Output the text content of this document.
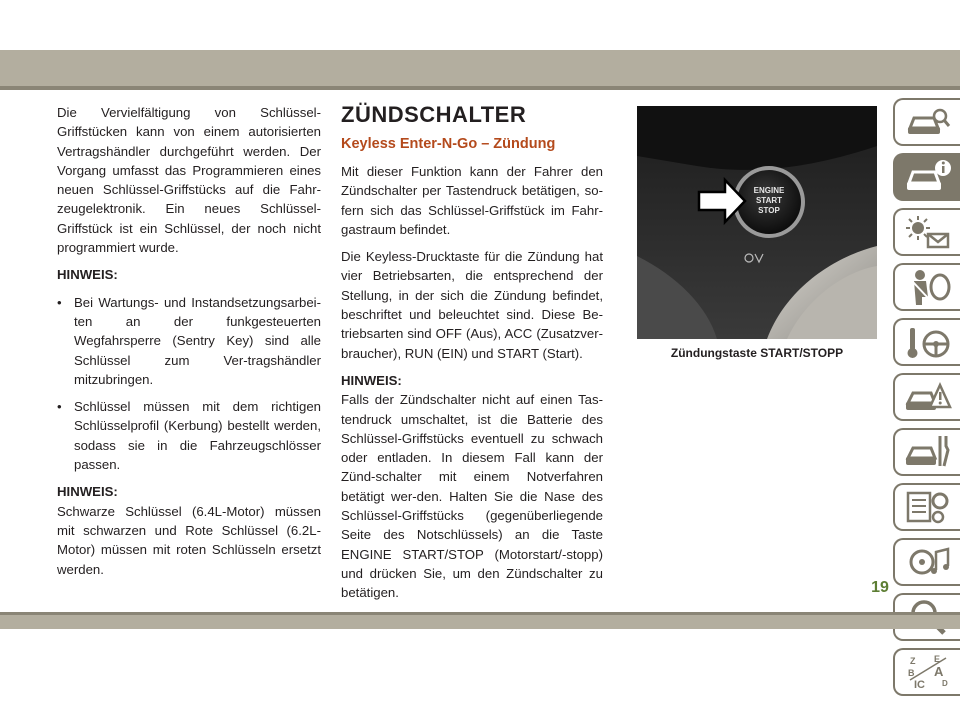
Die Vervielfältigung von Schlüssel-Griffstücken kann von einem autorisierten Vertragshändler durchgeführt werden. Der Vorgang umfasst das Programmieren eines neuen Schlüssel-Griffstücks auf die Fahr-zeugelektronik. Ein neues Schlüssel-Griffstück ist ein Schlüssel, der noch nicht programmiert wurde.

HINWEIS:

• Bei Wartungs- und Instandsetzungsarbei-ten an der funkgesteuerten Wegfahrsperre (Sentry Key) sind alle Schlüssel zum Ver-tragshändler mitzubringen.
• Schlüssel müssen mit dem richtigen Schlüsselprofil (Kerbung) bestellt werden, sodass sie in die Fahrzeugschlösser passen.

HINWEIS:

Schwarze Schlüssel (6.4L-Motor) müssen mit schwarzen und Rote Schlüssel (6.2L-Motor) müssen mit roten Schlüsseln ersetzt werden.

ZÜNDSCHALTER
Keyless Enter-N-Go – Zündung

Mit dieser Funktion kann der Fahrer den Zündschalter per Tastendruck betätigen, so-fern sich das Schlüssel-Griffstück im Fahr-gastraum befindet.

Die Keyless-Drucktaste für die Zündung hat vier Betriebsarten, die entsprechend der Stellung, in der sich die Zündung befindet, beschriftet und beleuchtet sind. Diese Be-triebsarten sind OFF (Aus), ACC (Zusatzver-braucher), RUN (EIN) und START (Start).

HINWEIS:

Falls der Zündschalter nicht auf einen Tas-tendruck umschaltet, ist die Batterie des Schlüssel-Griffstücks eventuell zu schwach oder entladen. In diesem Fall kann der Zünd-schalter mit einem Notverfahren betätigt wer-den. Halten Sie die Nase des Schlüssel-Griffstücks (gegenüberliegende Seite des Notschlüssels) an die Taste ENGINE START/STOP (Motorstart/-stopp) und drücken Sie, um den Zündschalter zu betätigen.

ENGINE
START
STOP
Zündungstaste START/STOPP
Z E
B A
IC D
19
